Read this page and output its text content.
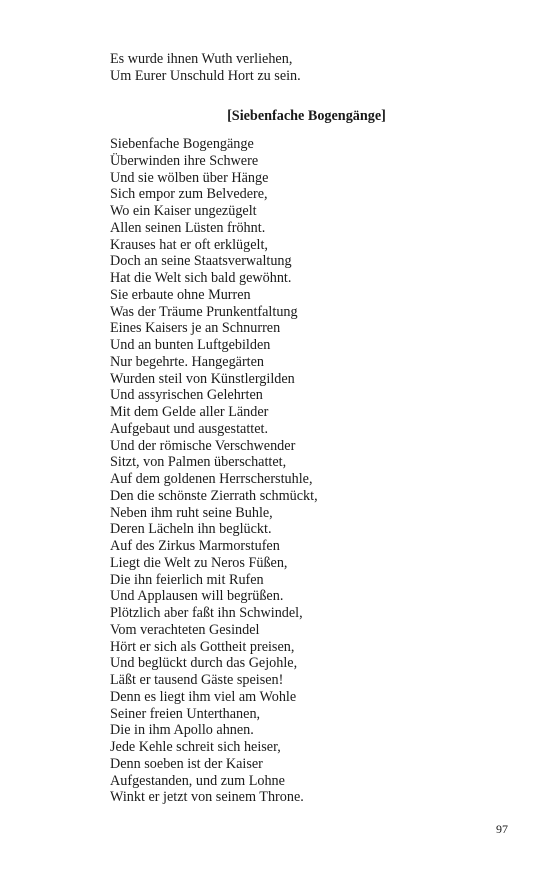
Es wurde ihnen Wuth verliehen,
Um Eurer Unschuld Hort zu sein.
[Siebenfache Bogengänge]
Siebenfache Bogengänge
Überwinden ihre Schwere
Und sie wölben über Hänge
Sich empor zum Belvedere,
Wo ein Kaiser ungezügelt
Allen seinen Lüsten fröhnt.
Krauses hat er oft erklügelt,
Doch an seine Staatsverwaltung
Hat die Welt sich bald gewöhnt.
Sie erbaute ohne Murren
Was der Träume Prunkentfaltung
Eines Kaisers je an Schnurren
Und an bunten Luftgebilden
Nur begehrte. Hangegärten
Wurden steil von Künstlergilden
Und assyrischen Gelehrten
Mit dem Gelde aller Länder
Aufgebaut und ausgestattet.
Und der römische Verschwender
Sitzt, von Palmen überschattet,
Auf dem goldenen Herrscherstuhle,
Den die schönste Zierrath schmückt,
Neben ihm ruht seine Buhle,
Deren Lächeln ihn beglückt.
Auf des Zirkus Marmorstufen
Liegt die Welt zu Neros Füßen,
Die ihn feierlich mit Rufen
Und Applausen will begrüßen.
Plötzlich aber faßt ihn Schwindel,
Vom verachteten Gesindel
Hört er sich als Gottheit preisen,
Und beglückt durch das Gejohle,
Läßt er tausend Gäste speisen!
Denn es liegt ihm viel am Wohle
Seiner freien Unterthanen,
Die in ihm Apollo ahnen.
Jede Kehle schreit sich heiser,
Denn soeben ist der Kaiser
Aufgestanden, und zum Lohne
Winkt er jetzt von seinem Throne.
97
